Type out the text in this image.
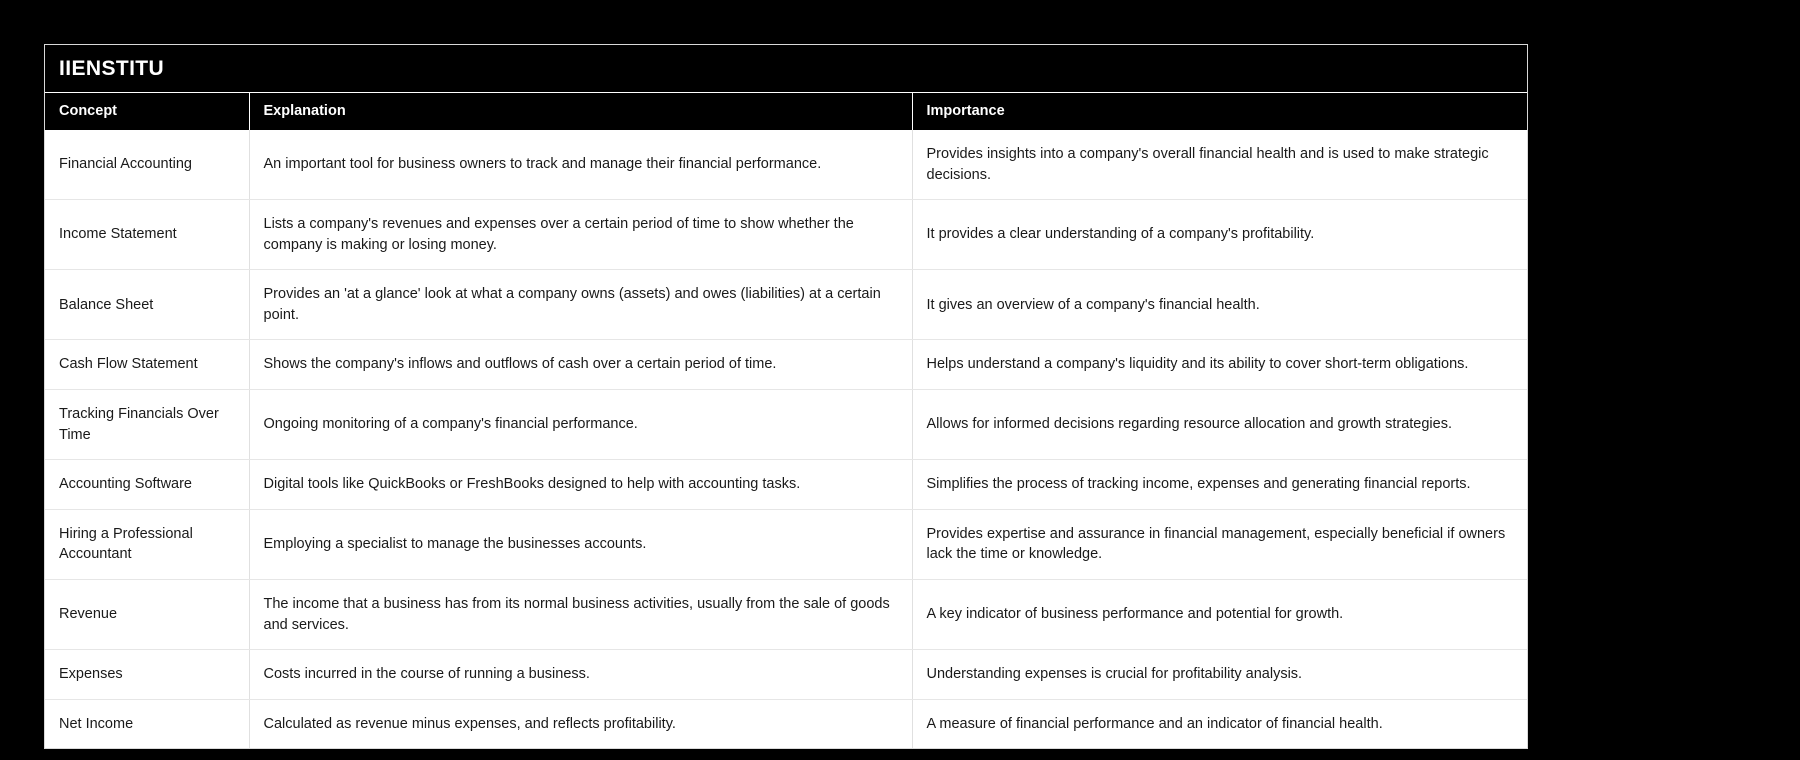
IIENSTITU
Concept	Explanation	Importance
Financial Accounting	An important tool for business owners to track and manage their financial performance.	Provides insights into a company's overall financial health and is used to make strategic decisions.
Income Statement	Lists a company's revenues and expenses over a certain period of time to show whether the company is making or losing money.	It provides a clear understanding of a company's profitability.
Balance Sheet	Provides an 'at a glance' look at what a company owns (assets) and owes (liabilities) at a certain point.	It gives an overview of a company's financial health.
Cash Flow Statement	Shows the company's inflows and outflows of cash over a certain period of time.	Helps understand a company's liquidity and its ability to cover short-term obligations.
Tracking Financials Over Time	Ongoing monitoring of a company's financial performance.	Allows for informed decisions regarding resource allocation and growth strategies.
Accounting Software	Digital tools like QuickBooks or FreshBooks designed to help with accounting tasks.	Simplifies the process of tracking income, expenses and generating financial reports.
Hiring a Professional Accountant	Employing a specialist to manage the businesses accounts.	Provides expertise and assurance in financial management, especially beneficial if owners lack the time or knowledge.
Revenue	The income that a business has from its normal business activities, usually from the sale of goods and services.	A key indicator of business performance and potential for growth.
Expenses	Costs incurred in the course of running a business.	Understanding expenses is crucial for profitability analysis.
Net Income	Calculated as revenue minus expenses, and reflects profitability.	A measure of financial performance and an indicator of financial health.
